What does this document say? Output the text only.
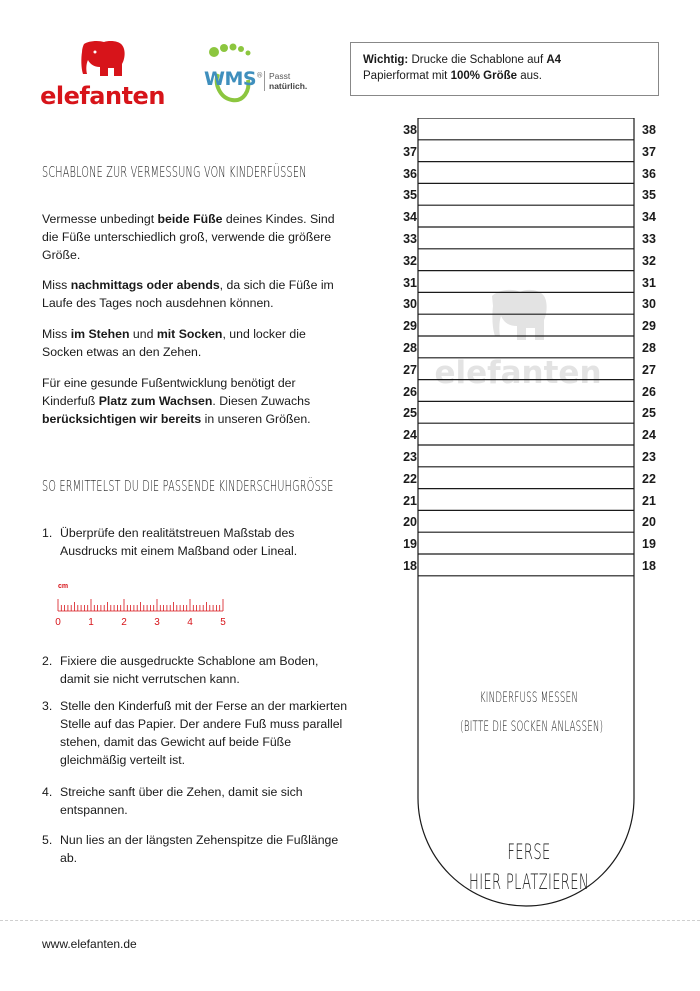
elefanten
WMS® Passt
natürlich.
Wichtig: Drucke die Schablone auf A4
Papierformat mit 100% Größe aus.
SCHABLONE ZUR VERMESSUNG VON KINDERFÜSSEN
Vermesse unbedingt beide Füße deines Kindes. Sind die Füße unterschiedlich groß, verwende die größere Größe.
Miss nachmittags oder abends, da sich die Füße im Laufe des Tages noch ausdehnen können.
Miss im Stehen und mit Socken, und locker die Socken etwas an den Zehen.
Für eine gesunde Fußentwicklung benötigt der Kinderfuß Platz zum Wachsen. Diesen Zuwachs berücksichtigen wir bereits in unseren Größen.
SO ERMITTELST DU DIE PASSENDE KINDERSCHUHGRÖSSE
1. Überprüfe den realitätstreuen Maßstab des Ausdrucks mit einem Maßband oder Lineal.
cm
0	1	2	3	4	5
2. Fixiere die ausgedruckte Schablone am Boden, damit sie nicht verrutschen kann.
3. Stelle den Kinderfuß mit der Ferse an der markierten Stelle auf das Papier. Der andere Fuß muss parallel stehen, damit das Gewicht auf beide Füße gleichmäßig verteilt ist.
4. Streiche sanft über die Zehen, damit sie sich entspannen.
5. Nun lies an der längsten Zehenspitze die Fußlänge ab.
www.elefanten.de
elefanten
38	38
37	37
36	36
35	35
34	34
33	33
32	32
31	31
30	30
29	29
28	28
27	27
26	26
25	25
24	24
23	23
22	22
21	21
20	20
19	19
18	18
KINDERFUSS MESSEN
(BITTE DIE SOCKEN ANLASSEN)
FERSE
HIER PLATZIEREN
